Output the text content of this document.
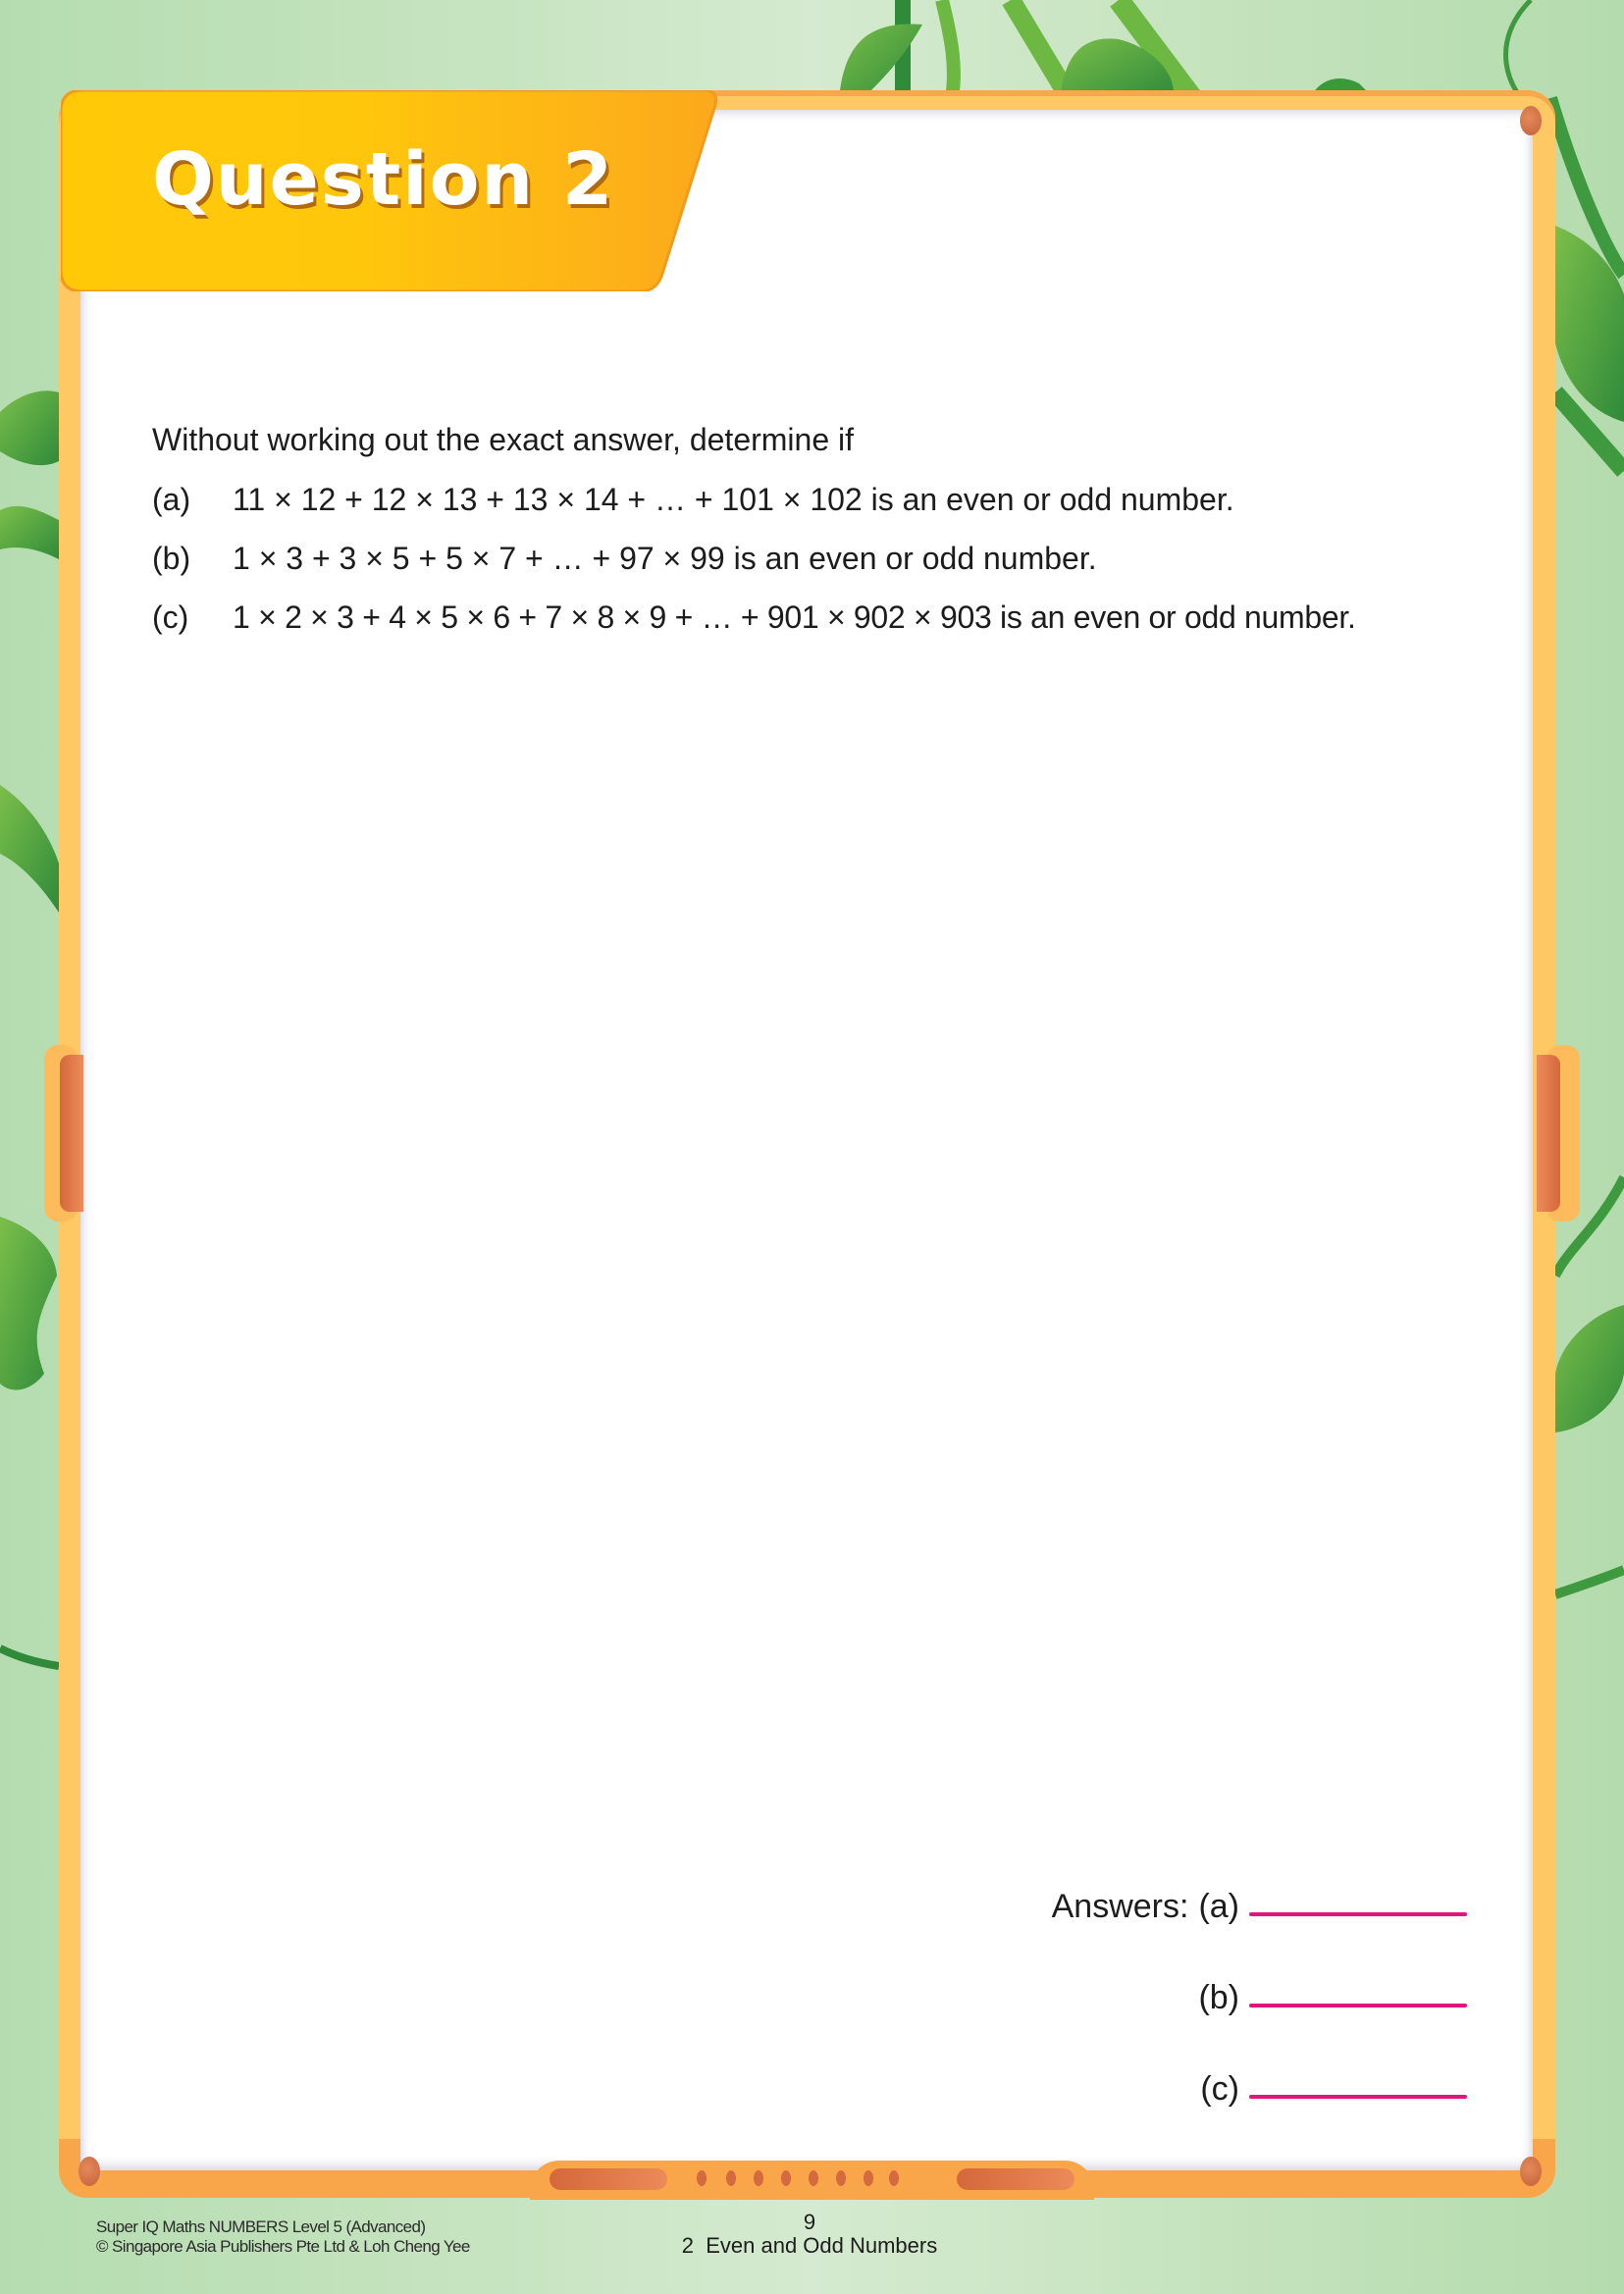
Question 2
Without working out the exact answer, determine if
(a)	11 × 12 + 12 × 13 + 13 × 14 + … + 101 × 102 is an even or odd number.
(b)	1 × 3 + 3 × 5 + 5 × 7 + … + 97 × 99 is an even or odd number.
(c)	1 × 2 × 3 + 4 × 5 × 6 + 7 × 8 × 9 + … + 901 × 902 × 903 is an even or odd number.
Answers: (a)
(b)
(c)
Super IQ Maths NUMBERS Level 5 (Advanced)
© Singapore Asia Publishers Pte Ltd & Loh Cheng Yee
9
2  Even and Odd Numbers
